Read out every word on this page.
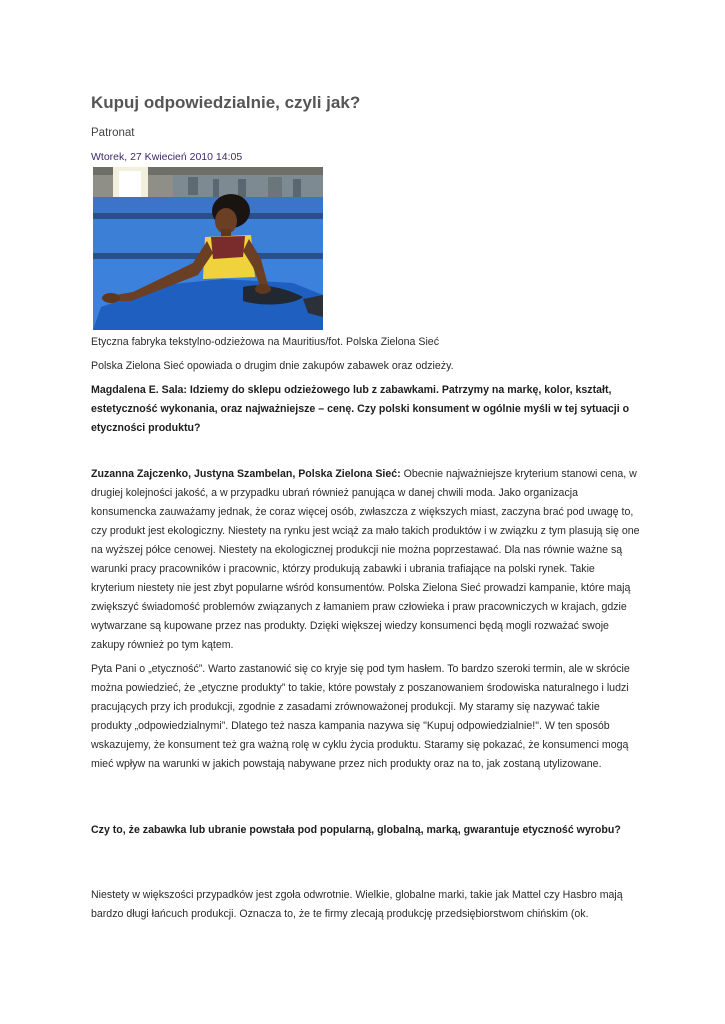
Kupuj odpowiedzialnie, czyli jak?
Patronat
Wtorek, 27 Kwiecień 2010 14:05

Etyczna fabryka tekstylno-odzieżowa na Mauritius/fot. Polska Zielona Sieć

Polska Zielona Sieć opowiada o drugim dnie zakupów zabawek oraz odzieży.

Magdalena E. Sala: Idziemy do sklepu odzieżowego lub z zabawkami. Patrzymy na markę, kolor, kształt, estetyczność wykonania, oraz najważniejsze – cenę. Czy polski konsument w ogólnie myśli w tej sytuacji o etyczności produktu?

Zuzanna Zajczenko, Justyna Szambelan, Polska Zielona Sieć: Obecnie najważniejsze kryterium stanowi cena, w drugiej kolejności jakość, a w przypadku ubrań również panująca w danej chwili moda. Jako organizacja konsumencka zauważamy jednak, że coraz więcej osób, zwłaszcza z większych miast, zaczyna brać pod uwagę to, czy produkt jest ekologiczny. Niestety na rynku jest wciąż za mało takich produktów i w związku z tym plasują się one na wyższej półce cenowej. Niestety na ekologicznej produkcji nie można poprzestawać. Dla nas równie ważne są warunki pracy pracowników i pracownic, którzy produkują zabawki i ubrania trafiające na polski rynek. Takie kryterium niestety nie jest zbyt popularne wśród konsumentów. Polska Zielona Sieć prowadzi kampanie, które mają zwiększyć świadomość problemów związanych z łamaniem praw człowieka i praw pracowniczych w krajach, gdzie wytwarzane są kupowane przez nas produkty. Dzięki większej wiedzy konsumenci będą mogli rozważać swoje zakupy również po tym kątem.

Pyta Pani o „etyczność”. Warto zastanowić się co kryje się pod tym hasłem. To bardzo szeroki termin, ale w skrócie można powiedzieć, że „etyczne produkty” to takie, które powstały z poszanowaniem środowiska naturalnego i ludzi pracujących przy ich produkcji, zgodnie z zasadami zrównoważonej produkcji. My staramy się nazywać takie produkty „odpowiedzialnymi”. Dlatego też nasza kampania nazywa się "Kupuj odpowiedzialnie!". W ten sposób wskazujemy, że konsument też gra ważną rolę w cyklu życia produktu. Staramy się pokazać, że konsumenci mogą mieć wpływ na warunki w jakich powstają nabywane przez nich produkty oraz na to, jak zostaną utylizowane.

Czy to, że zabawka lub ubranie powstała pod popularną, globalną, marką, gwarantuje etyczność wyrobu?

Niestety w większości przypadków jest zgoła odwrotnie. Wielkie, globalne marki, takie jak Mattel czy Hasbro mają bardzo długi łańcuch produkcji. Oznacza to, że te firmy zlecają produkcję przedsiębiorstwom chińskim (ok.
